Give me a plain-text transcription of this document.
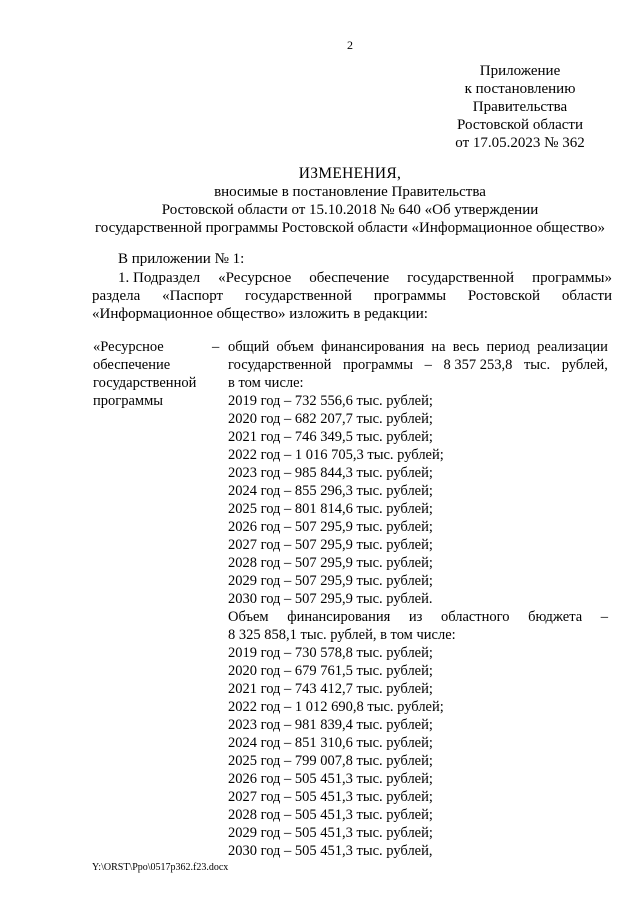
2
Приложение
к постановлению
Правительства
Ростовской области
от 17.05.2023 № 362
ИЗМЕНЕНИЯ,
вносимые в постановление Правительства
Ростовской области от 15.10.2018 № 640 «Об утверждении
государственной программы Ростовской области «Информационное общество»
В приложении № 1:
1. Подраздел «Ресурсное обеспечение государственной программы»
раздела «Паспорт государственной программы Ростовской области
«Информационное общество» изложить в редакции:
«Ресурсное
обеспечение
государственной
программы
– общий объем финансирования на весь период реализации
государственной программы – 8 357 253,8 тыс. рублей,
в том числе:
2019 год – 732 556,6 тыс. рублей;
2020 год – 682 207,7 тыс. рублей;
2021 год – 746 349,5 тыс. рублей;
2022 год – 1 016 705,3 тыс. рублей;
2023 год – 985 844,3 тыс. рублей;
2024 год – 855 296,3 тыс. рублей;
2025 год – 801 814,6 тыс. рублей;
2026 год – 507 295,9 тыс. рублей;
2027 год – 507 295,9 тыс. рублей;
2028 год – 507 295,9 тыс. рублей;
2029 год – 507 295,9 тыс. рублей;
2030 год – 507 295,9 тыс. рублей.
Объем финансирования из областного бюджета –
8 325 858,1 тыс. рублей, в том числе:
2019 год – 730 578,8 тыс. рублей;
2020 год – 679 761,5 тыс. рублей;
2021 год – 743 412,7 тыс. рублей;
2022 год – 1 012 690,8 тыс. рублей;
2023 год – 981 839,4 тыс. рублей;
2024 год – 851 310,6 тыс. рублей;
2025 год – 799 007,8 тыс. рублей;
2026 год – 505 451,3 тыс. рублей;
2027 год – 505 451,3 тыс. рублей;
2028 год – 505 451,3 тыс. рублей;
2029 год – 505 451,3 тыс. рублей;
2030 год – 505 451,3 тыс. рублей,
Y:\ORST\Ppo\0517p362.f23.docx
